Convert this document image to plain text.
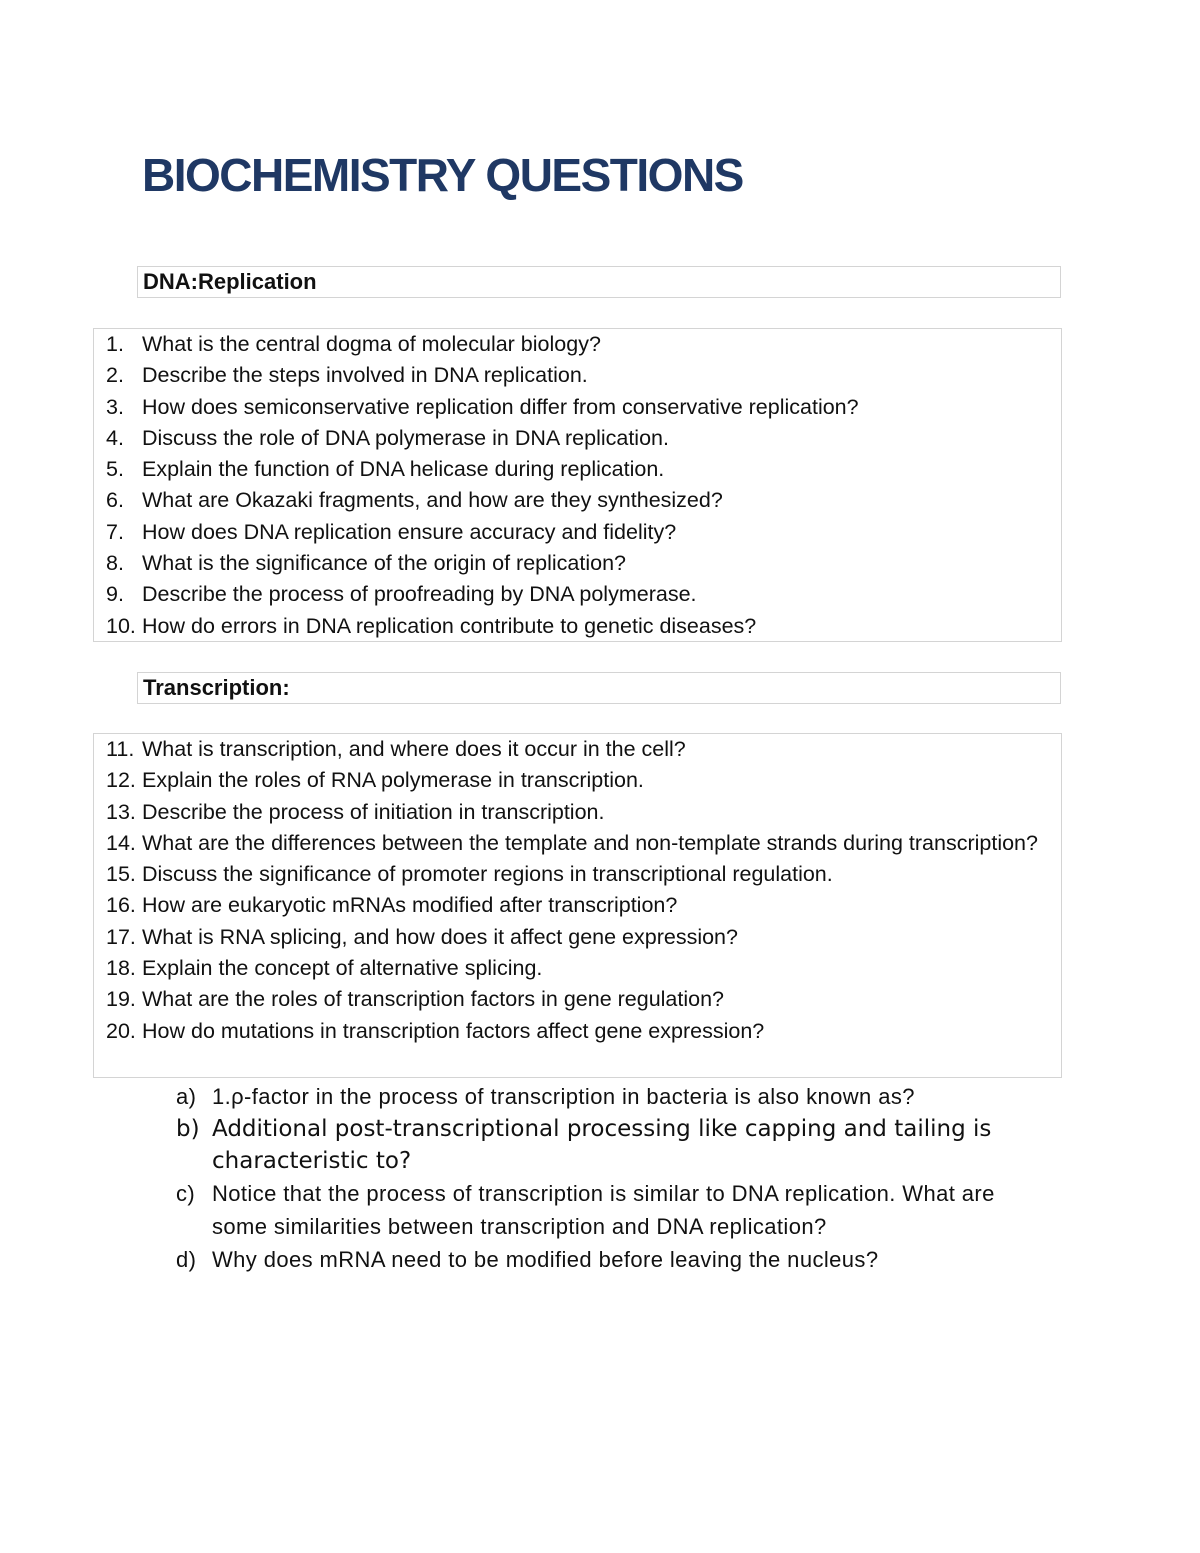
BIOCHEMISTRY QUESTIONS
DNA:Replication
1. What is the central dogma of molecular biology?
2. Describe the steps involved in DNA replication.
3. How does semiconservative replication differ from conservative replication?
4. Discuss the role of DNA polymerase in DNA replication.
5. Explain the function of DNA helicase during replication.
6. What are Okazaki fragments, and how are they synthesized?
7. How does DNA replication ensure accuracy and fidelity?
8. What is the significance of the origin of replication?
9. Describe the process of proofreading by DNA polymerase.
10. How do errors in DNA replication contribute to genetic diseases?
Transcription:
11. What is transcription, and where does it occur in the cell?
12. Explain the roles of RNA polymerase in transcription.
13. Describe the process of initiation in transcription.
14. What are the differences between the template and non-template strands during transcription?
15. Discuss the significance of promoter regions in transcriptional regulation.
16. How are eukaryotic mRNAs modified after transcription?
17. What is RNA splicing, and how does it affect gene expression?
18. Explain the concept of alternative splicing.
19. What are the roles of transcription factors in gene regulation?
20. How do mutations in transcription factors affect gene expression?
a) 1.ρ-factor in the process of transcription in bacteria is also known as?
b) Additional post-transcriptional processing like capping and tailing is characteristic to?
c) Notice that the process of transcription is similar to DNA replication. What are some similarities between transcription and DNA replication?
d) Why does mRNA need to be modified before leaving the nucleus?
